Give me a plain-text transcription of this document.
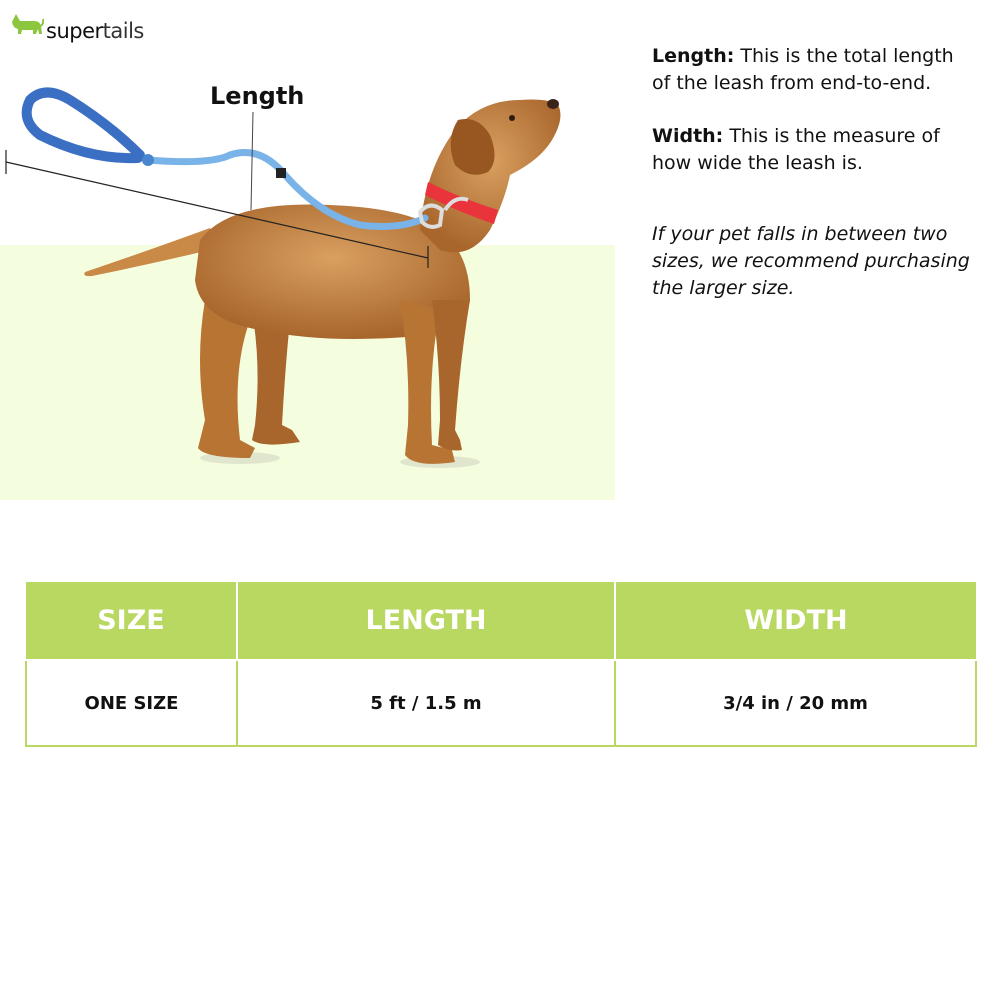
supertails
Length

Length: This is the total length of the leash from end-to-end.

Width: This is the measure of how wide the leash is.

If your pet falls in between two sizes, we recommend purchasing the larger size.

SIZE	LENGTH	WIDTH
ONE SIZE	5 ft / 1.5 m	3/4 in / 20 mm
